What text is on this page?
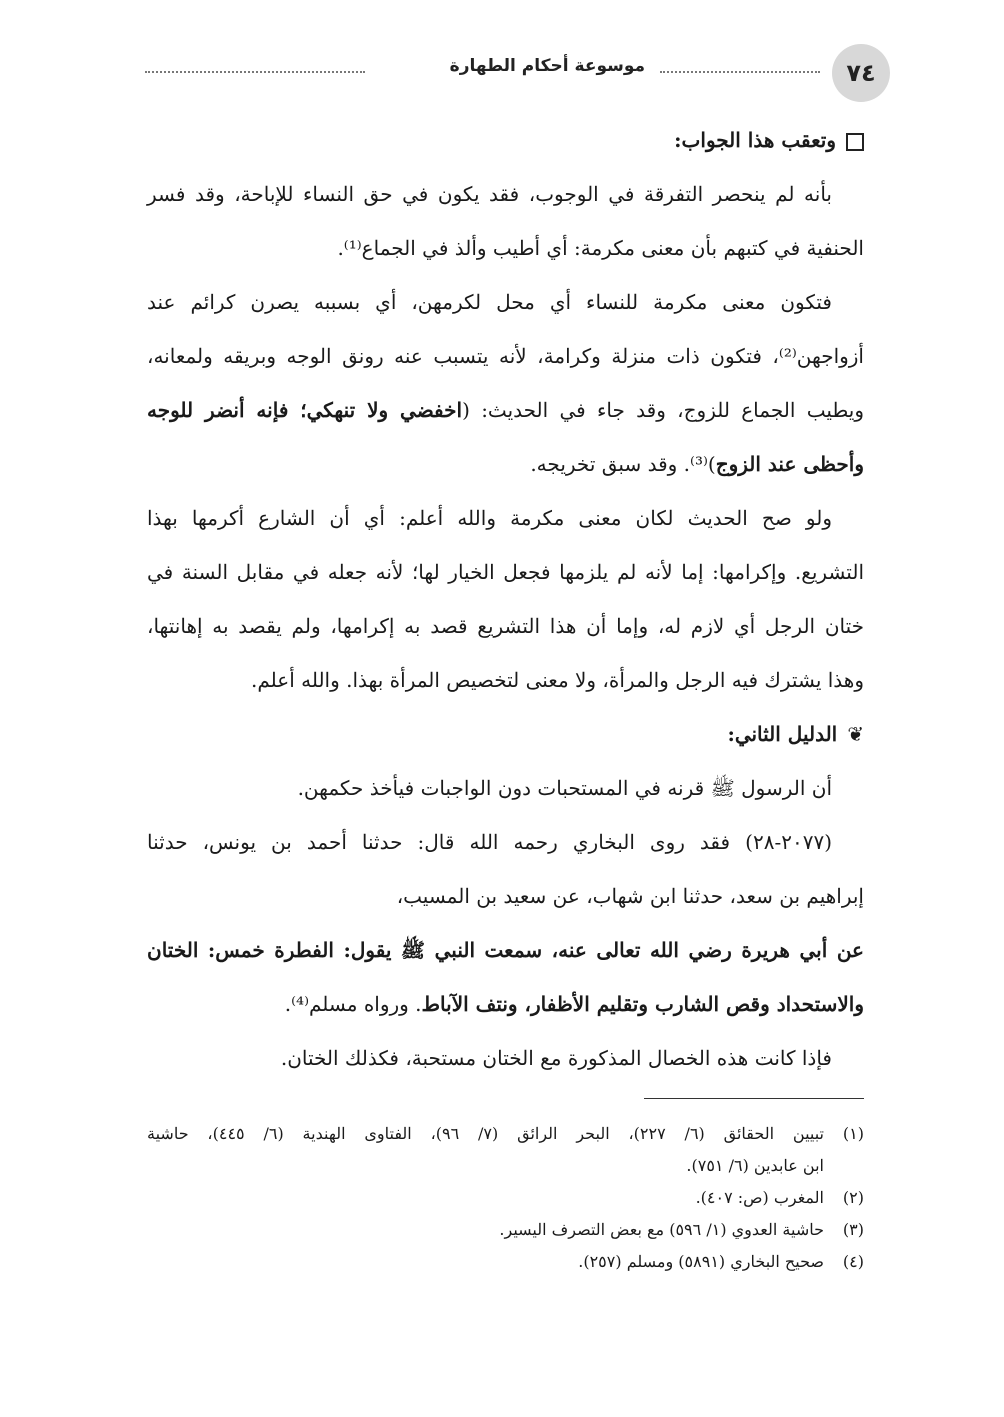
٧٤
موسوعة أحكام الطهارة
وتعقب هذا الجواب:
بأنه لم ينحصر التفرقة في الوجوب، فقد يكون في حق النساء للإباحة، وقد فسر
الحنفية في كتبهم بأن معنى مكرمة: أي أطيب وألذ في الجماع⁽¹⁾.
فتكون معنى مكرمة للنساء أي محل لكرمهن، أي بسببه يصرن كرائم عند
أزواجهن⁽²⁾، فتكون ذات منزلة وكرامة، لأنه يتسبب عنه رونق الوجه وبريقه ولمعانه،
ويطيب الجماع للزوج، وقد جاء في الحديث: (اخفضي ولا تنهكي؛ فإنه أنضر للوجه
وأحظى عند الزوج)⁽³⁾. وقد سبق تخريجه.
ولو صح الحديث لكان معنى مكرمة والله أعلم: أي أن الشارع أكرمها بهذا
التشريع. وإكرامها: إما لأنه لم يلزمها فجعل الخيار لها؛ لأنه جعله في مقابل السنة في
ختان الرجل أي لازم له، وإما أن هذا التشريع قصد به إكرامها، ولم يقصد به إهانتها،
وهذا يشترك فيه الرجل والمرأة، ولا معنى لتخصيص المرأة بهذا. والله أعلم.
❦الدليل الثاني:
أن الرسول ﷺ قرنه في المستحبات دون الواجبات فيأخذ حكمهن.
(٢٠٧٧-٢٨) فقد روى البخاري رحمه الله قال: حدثنا أحمد بن يونس، حدثنا
إبراهيم بن سعد، حدثنا ابن شهاب، عن سعيد بن المسيب،
عن أبي هريرة رضي الله تعالى عنه، سمعت النبي ﷺ يقول: الفطرة خمس: الختان
والاستحداد وقص الشارب وتقليم الأظفار، ونتف الآباط. ورواه مسلم⁽⁴⁾.
فإذا كانت هذه الخصال المذكورة مع الختان مستحبة، فكذلك الختان.
(١)تبيين الحقائق (٦/ ٢٢٧)، البحر الرائق (٧/ ٩٦)، الفتاوى الهندية (٦/ ٤٤٥)، حاشية
ابن عابدين (٦/ ٧٥١).
(٢)المغرب (ص: ٤٠٧).
(٣)حاشية العدوي (١/ ٥٩٦) مع بعض التصرف اليسير.
(٤)صحيح البخاري (٥٨٩١) ومسلم (٢٥٧).
